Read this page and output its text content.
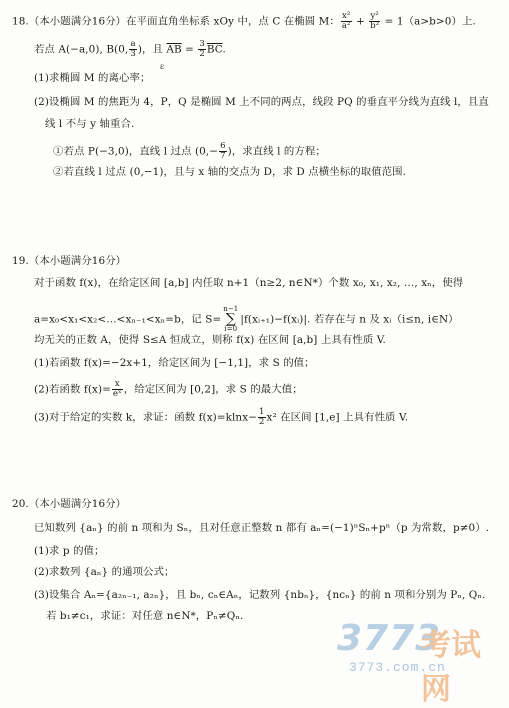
18.（本小题满分16分）在平面直角坐标系 xOy 中，点 C 在椭圆 M： $\frac{\text{x²}}{\text{a²}} + \frac{\text{y²}}{\text{b²}} = 1(a>b>0)$上.
若点 A(−a,0), B(0, $\frac{a}{3}$ )，且 $\overline{AB} = \frac{3}{2} \overline{BC}$.
ε
(1)求椭圆 M 的离心率；
(2)设椭圆 M 的焦距为 4，P，Q 是椭圆 M 上不同的两点，线段 PQ 的垂直平分线为直线 l，且直
线 l 不与 y 轴重合.
①若点 P(−3,0)，直线 l 过点 ($0,- \frac{6}{7}$ )，求直线 l 的方程；
②若直线 l 过点 (0,−1)，且与 x 轴的交点为 D，求 D 点横坐标的取值范围.
19.（本小题满分16分）
对于函数 f(x)，在给定区间 [a,b] 内任取 n+1（n≥2, n∈N*）个数 x₀, x₁, x₂, …, xₙ，使得
a=x₀<x₁<x₂<…<xₙ₋₁<xₙ=b，记 S=n−1
∑
i=0|f(xᵢ₊₁)−f(xᵢ)|. 若存在与 n 及 xᵢ（i≤n, i∈N）
均无关的正数 A，使得 S≤A 恒成立，则称 f(x) 在区间 [a,b] 上具有性质 V.
(1)若函数 f(x)=−2x+1，给定区间为 [−1,1]，求 S 的值；
(2)若函数 $f(x)= \frac{x}{\text{eˣ}}$ ，给定区间为 [0,2]，求 S 的最大值；
(3)对于给定的实数 k，求证：函数 $f(x)=klnx- \frac{1}{2} x^2$ 在区间 [1,e] 上具有性质 V.
20.（本小题满分16分）
已知数列 {aₙ} 的前 n 项和为 Sₙ，且对任意正整数 n 都有 aₙ=(−1)ⁿSₙ+pⁿ（p 为常数，p≠0）.
(1)求 p 的值；
(2)求数列 {aₙ} 的通项公式；
(3)设集合 Aₙ={a₂ₙ₋₁, a₂ₙ}，且 bₙ, cₙ∈Aₙ，记数列 {nbₙ}，{ncₙ} 的前 n 项和分别为 Pₙ, Qₙ.
若 b₁≠c₁，求证：对任意 n∈N*，Pₙ≠Qₙ.
3773
考试网
3773.com.cn
